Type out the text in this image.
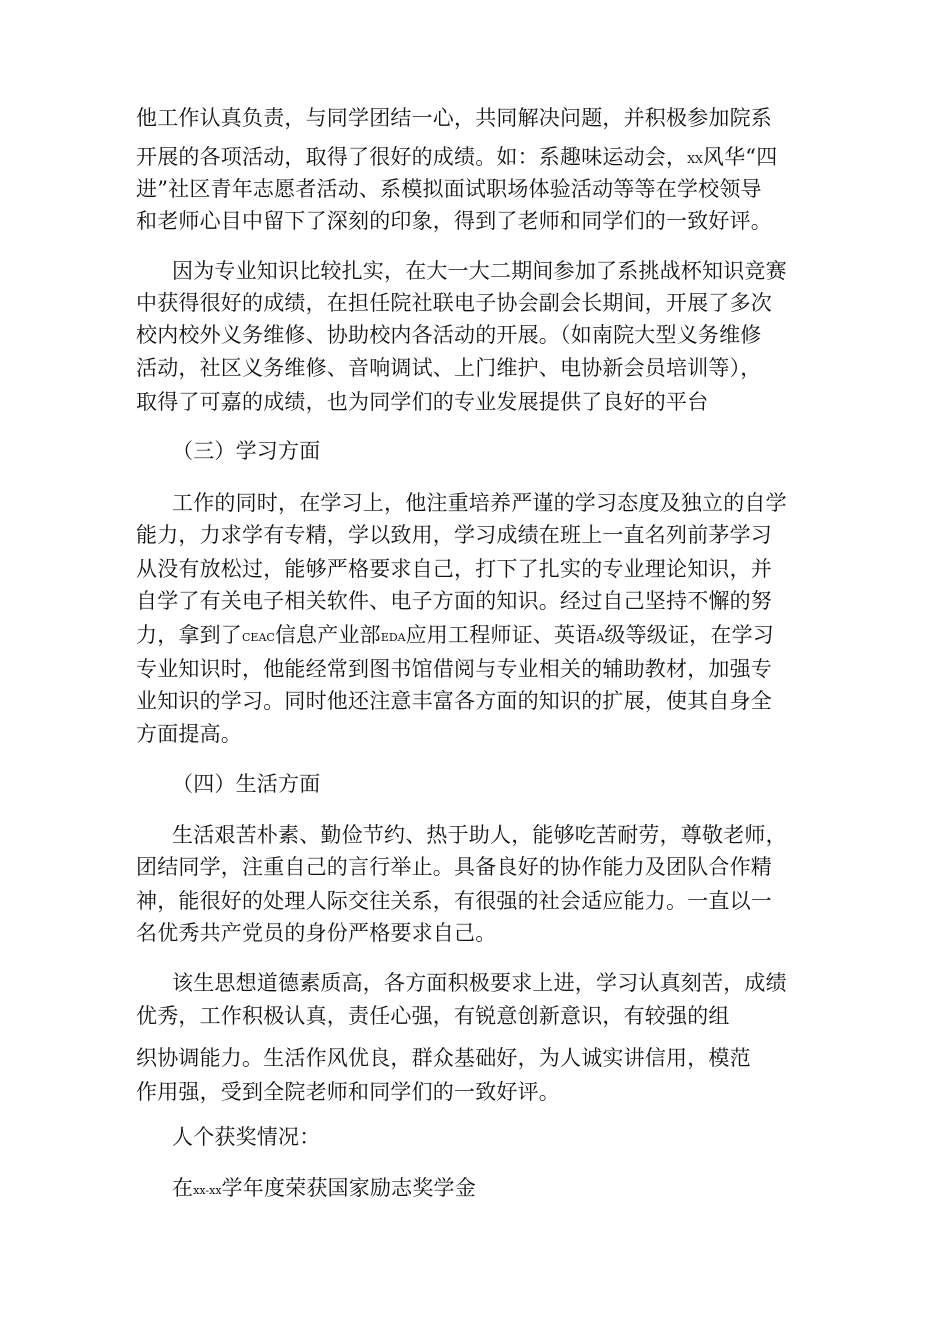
他工作认真负责，与同学团结一心，共同解决问题，并积极参加院系
开展的各项活动，取得了很好的成绩。如：系趣味运动会，XX风华“四
进”社区青年志愿者活动、系模拟面试职场体验活动等等在学校领导
和老师心目中留下了深刻的印象，得到了老师和同学们的一致好评。
因为专业知识比较扎实，在大一大二期间参加了系挑战杯知识竞赛
中获得很好的成绩，在担任院社联电子协会副会长期间，开展了多次
校内校外义务维修、协助校内各活动的开展。（如南院大型义务维修
活动，社区义务维修、音响调试、上门维护、电协新会员培训等），
取得了可嘉的成绩，也为同学们的专业发展提供了良好的平台
（三）学习方面
工作的同时，在学习上，他注重培养严谨的学习态度及独立的自学
能力，力求学有专精，学以致用，学习成绩在班上一直名列前茅学习
从没有放松过，能够严格要求自己，打下了扎实的专业理论知识，并
自学了有关电子相关软件、电子方面的知识。经过自己坚持不懈的努
力，拿到了CEAC信息产业部EDA应用工程师证、英语A级等级证，在学习
专业知识时，他能经常到图书馆借阅与专业相关的辅助教材，加强专
业知识的学习。同时他还注意丰富各方面的知识的扩展，使其自身全
方面提高。
（四）生活方面
生活艰苦朴素、勤俭节约、热于助人，能够吃苦耐劳，尊敬老师，
团结同学，注重自己的言行举止。具备良好的协作能力及团队合作精
神，能很好的处理人际交往关系，有很强的社会适应能力。一直以一
名优秀共产党员的身份严格要求自己。
该生思想道德素质高，各方面积极要求上进，学习认真刻苦，成绩
优秀，工作积极认真，责任心强，有锐意创新意识，有较强的组
织协调能力。生活作风优良，群众基础好，为人诚实讲信用，模范
作用强，受到全院老师和同学们的一致好评。
人个获奖情况：
在xx-xx学年度荣获国家励志奖学金
